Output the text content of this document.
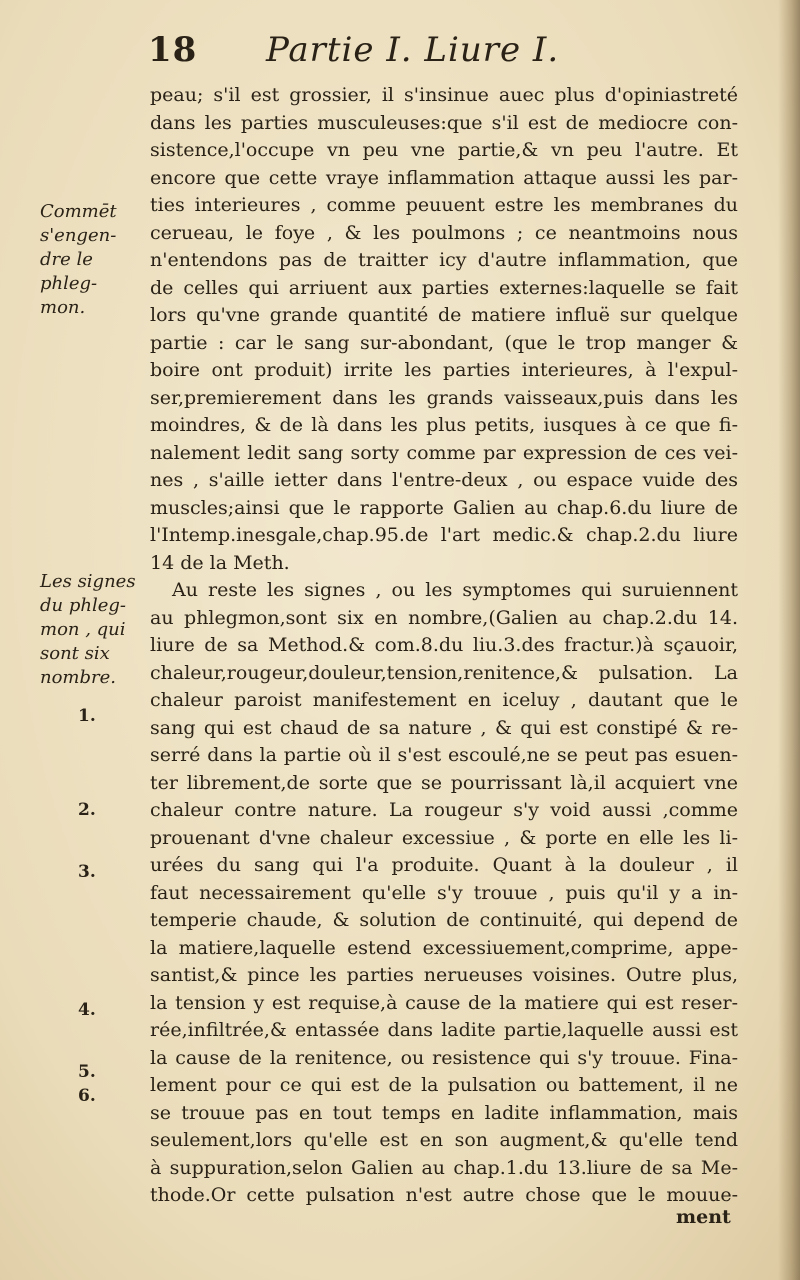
18 Partie I. Liure I.
peau; s'il est grossier, il s'insinue auec plus d'opiniastreté
dans les parties musculeuses:que s'il est de mediocre con-
sistence,l'occupe vn peu vne partie,& vn peu l'autre. Et
encore que cette vraye inflammation attaque aussi les par-
ties interieures , comme peuuent estre les membranes du
cerueau, le foye , & les poulmons ; ce neantmoins nous
n'entendons pas de traitter icy d'autre inflammation, que
de celles qui arriuent aux parties externes:laquelle se fait
lors qu'vne grande quantité de matiere influë sur quelque
partie : car le sang sur-abondant, (que le trop manger &
boire ont produit) irrite les parties interieures, à l'expul-
ser,premierement dans les grands vaisseaux,puis dans les
moindres, & de là dans les plus petits, iusques à ce que fi-
nalement ledit sang sorty comme par expression de ces vei-
nes , s'aille ietter dans l'entre-deux , ou espace vuide des
muscles;ainsi que le rapporte Galien au chap.6.du liure de
l'Intemp.inesgale,chap.95.de l'art medic.& chap.2.du liure
14 de la Meth.
Au reste les signes , ou les symptomes qui suruiennent
au phlegmon,sont six en nombre,(Galien au chap.2.du 14.
liure de sa Method.& com.8.du liu.3.des fractur.)à sçauoir,
chaleur,rougeur,douleur,tension,renitence,& pulsation. La
chaleur paroist manifestement en iceluy , dautant que le
sang qui est chaud de sa nature , & qui est constipé & re-
serré dans la partie où il s'est escoulé,ne se peut pas esuen-
ter librement,de sorte que se pourrissant là,il acquiert vne
chaleur contre nature. La rougeur s'y void aussi ,comme
prouenant d'vne chaleur excessiue , & porte en elle les li-
urées du sang qui l'a produite. Quant à la douleur , il
faut necessairement qu'elle s'y trouue , puis qu'il y a in-
temperie chaude, & solution de continuité, qui depend de
la matiere,laquelle estend excessiuement,comprime, appe-
santist,& pince les parties nerueuses voisines. Outre plus,
la tension y est requise,à cause de la matiere qui est reser-
rée,infiltrée,& entassée dans ladite partie,laquelle aussi est
la cause de la renitence, ou resistence qui s'y trouue. Fina-
lement pour ce qui est de la pulsation ou battement, il ne
se trouue pas en tout temps en ladite inflammation, mais
seulement,lors qu'elle est en son augment,& qu'elle tend
à suppuration,selon Galien au chap.1.du 13.liure de sa Me-
thode.Or cette pulsation n'est autre chose que le mouue-
Commēt s'engen- dre le phleg- mon.
Les signes du phleg- mon , qui sont six nombre.
1.
2.
3.
4.
5.
6.
ment
